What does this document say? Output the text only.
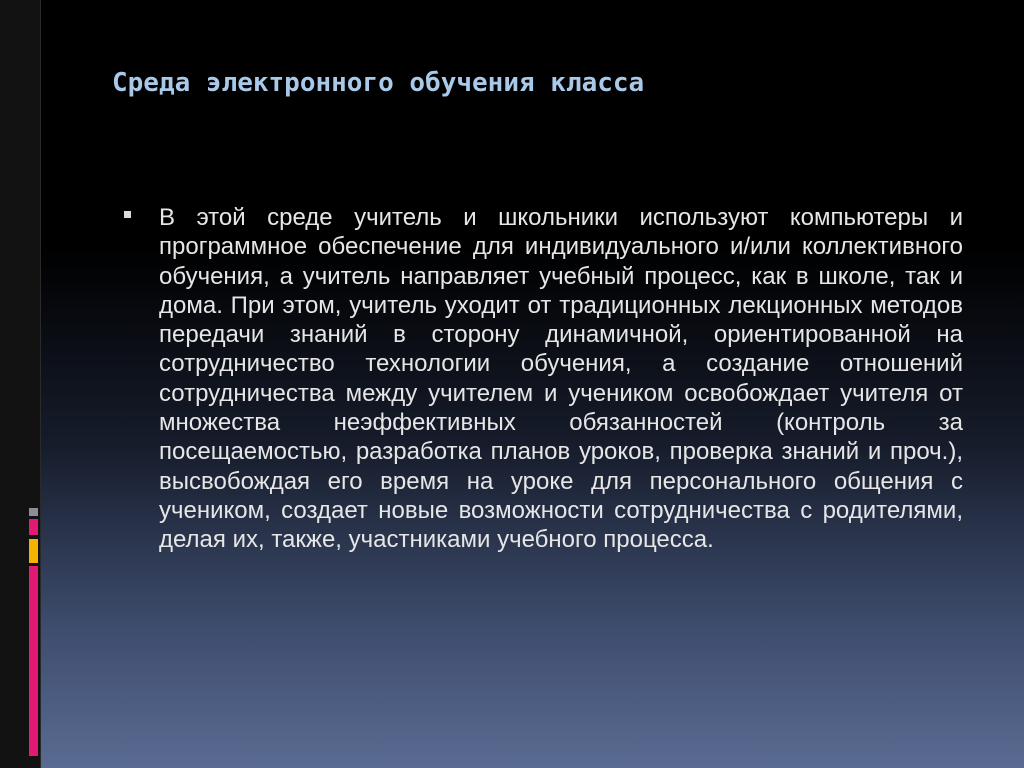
Среда электронного обучения класса

В этой среде учитель и школьники используют компьютеры и программное обеспечение для индивидуального и/или коллективного обучения, а учитель направляет учебный процесс, как в школе, так и дома. При этом, учитель уходит от традиционных лекционных методов передачи знаний в сторону динамичной, ориентированной на сотрудничество технологии обучения, а создание отношений сотрудничества между учителем и учеником освобождает учителя от множества неэффективных обязанностей (контроль за посещаемостью, разработка планов уроков, проверка знаний и проч.), высвобождая его время на уроке для персонального общения с учеником, создает новые возможности сотрудничества с родителями, делая их, также, участниками учебного процесса.
